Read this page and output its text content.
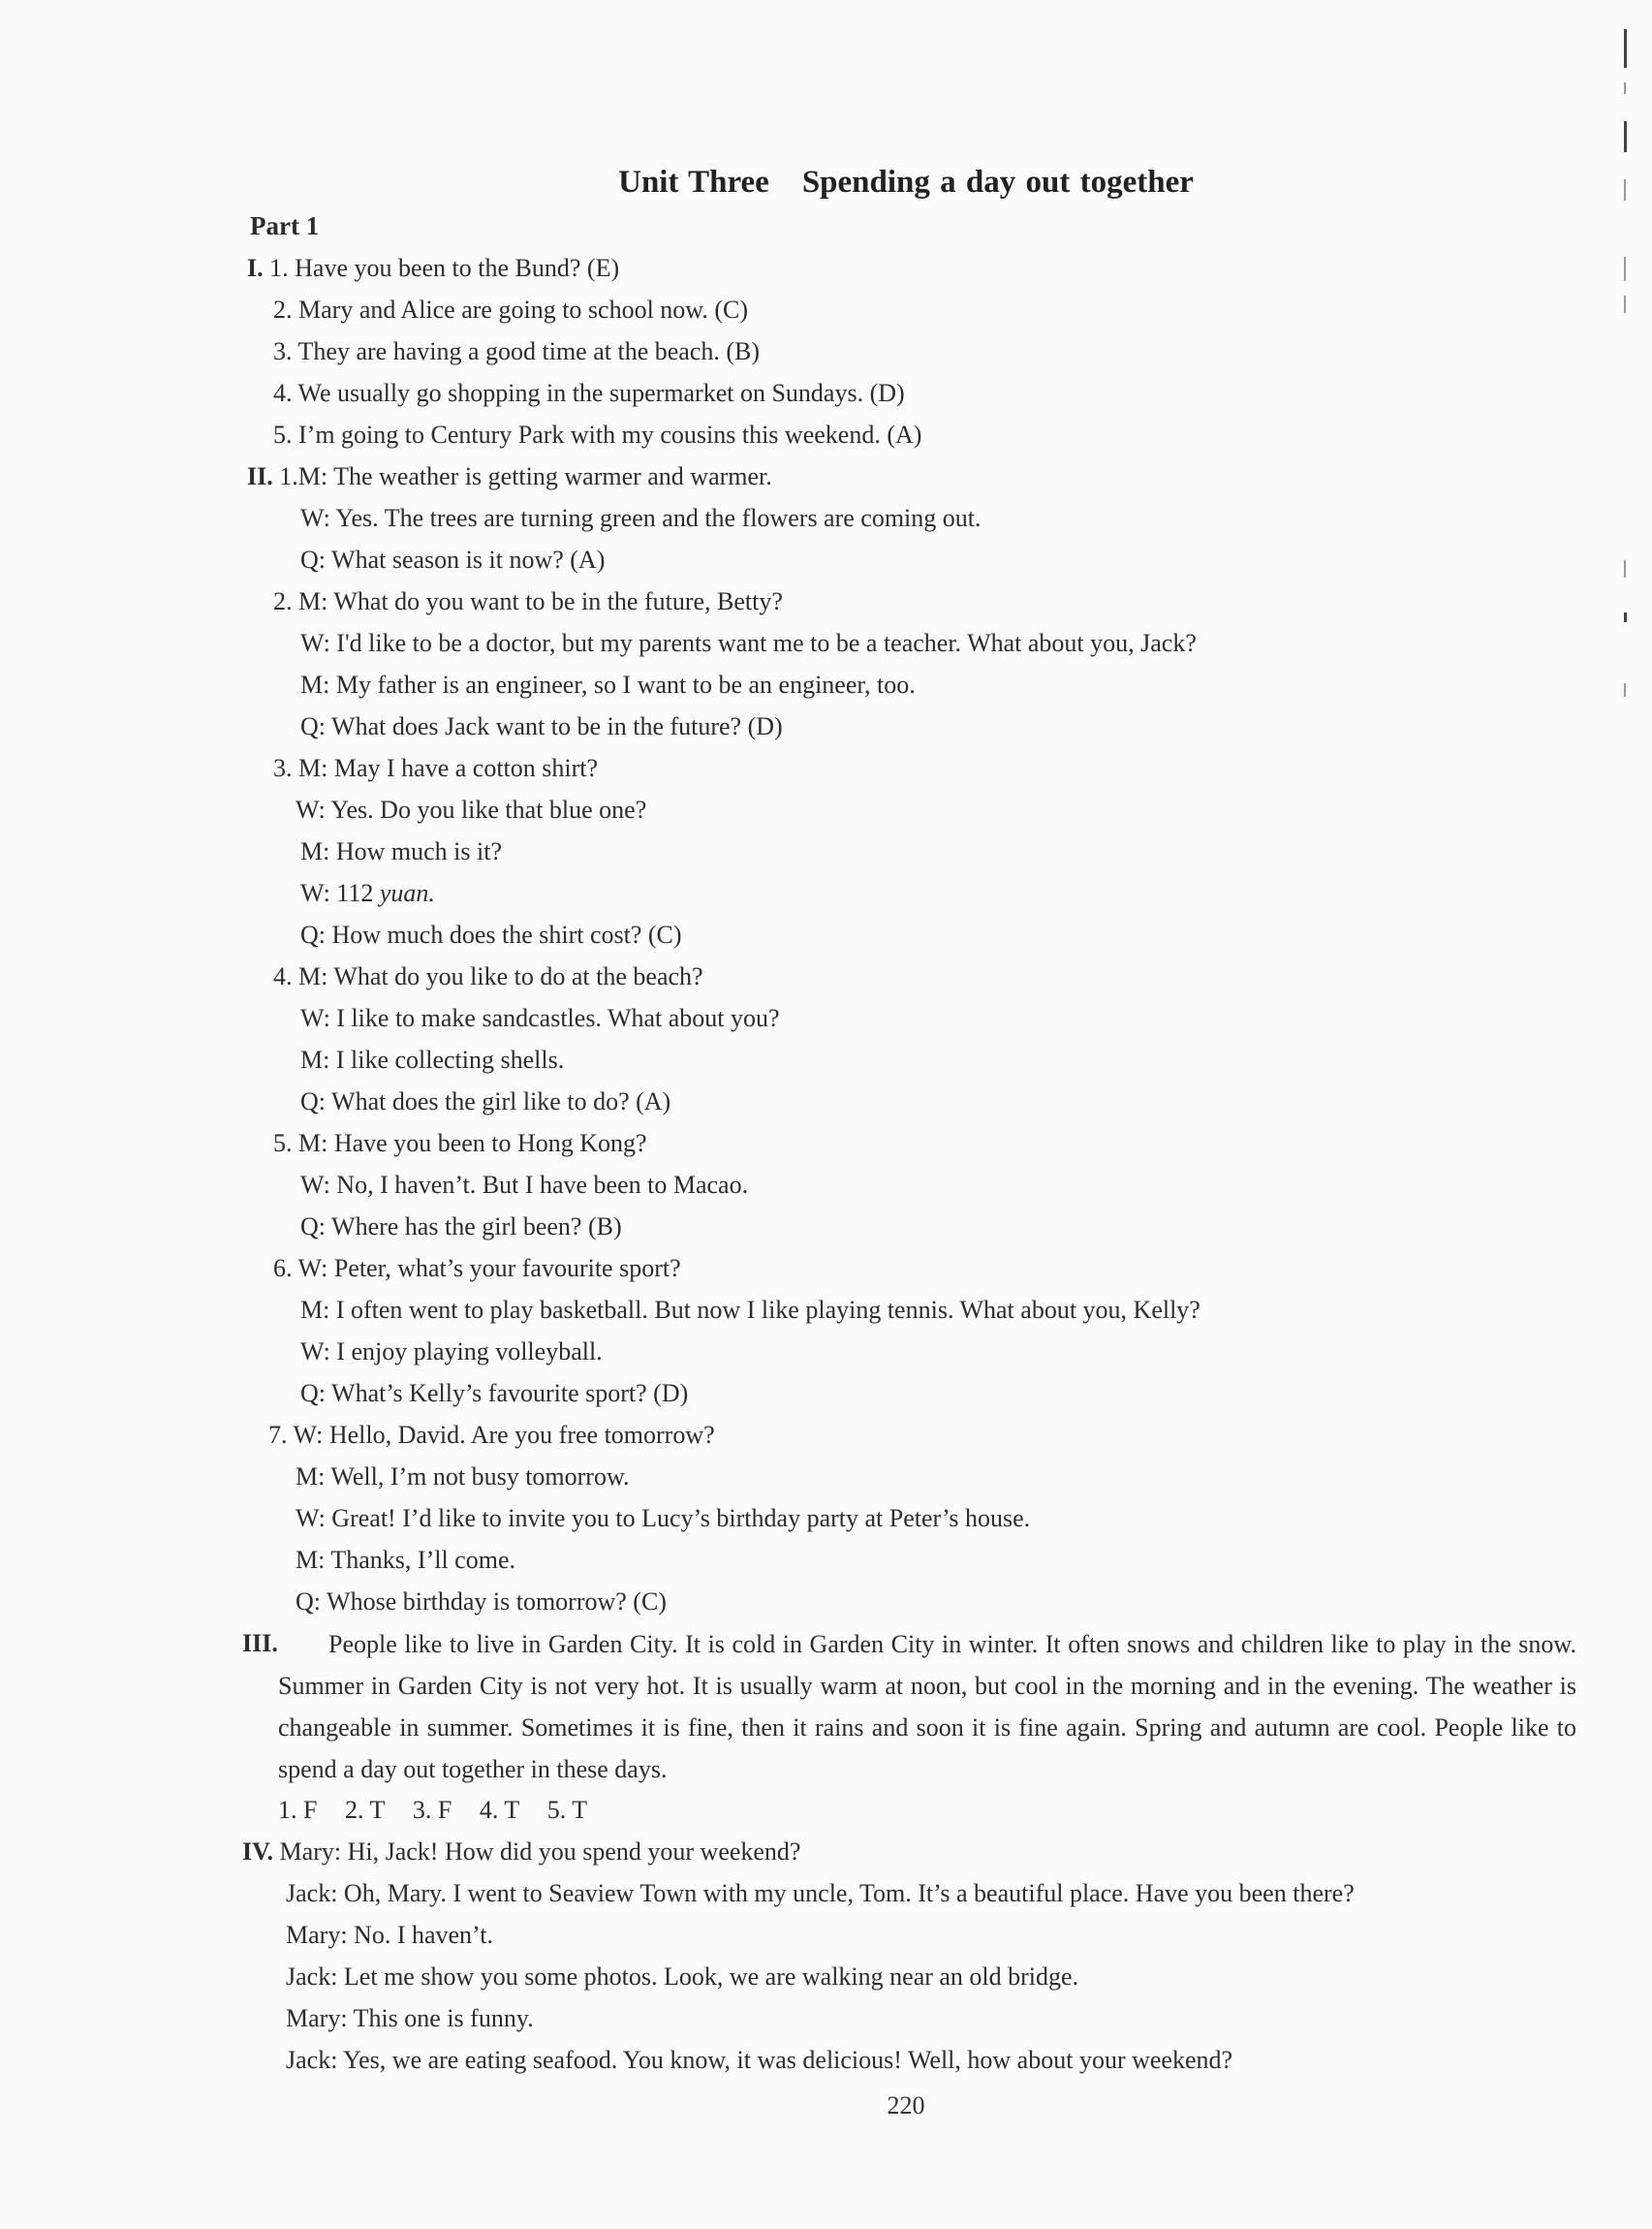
Unit Three Spending a day out together
Part 1
I. 1. Have you been to the Bund? (E)
2. Mary and Alice are going to school now. (C)
3. They are having a good time at the beach. (B)
4. We usually go shopping in the supermarket on Sundays. (D)
5. I’m going to Century Park with my cousins this weekend. (A)
II. 1.M: The weather is getting warmer and warmer.
W: Yes. The trees are turning green and the flowers are coming out.
Q: What season is it now? (A)
2. M: What do you want to be in the future, Betty?
W: I'd like to be a doctor, but my parents want me to be a teacher. What about you, Jack?
M: My father is an engineer, so I want to be an engineer, too.
Q: What does Jack want to be in the future? (D)
3. M: May I have a cotton shirt?
W: Yes. Do you like that blue one?
M: How much is it?
W: 112 yuan.
Q: How much does the shirt cost? (C)
4. M: What do you like to do at the beach?
W: I like to make sandcastles. What about you?
M: I like collecting shells.
Q: What does the girl like to do? (A)
5. M: Have you been to Hong Kong?
W: No, I haven’t. But I have been to Macao.
Q: Where has the girl been? (B)
6. W: Peter, what’s your favourite sport?
M: I often went to play basketball. But now I like playing tennis. What about you, Kelly?
W: I enjoy playing volleyball.
Q: What’s Kelly’s favourite sport? (D)
7. W: Hello, David. Are you free tomorrow?
M: Well, I’m not busy tomorrow.
W: Great! I’d like to invite you to Lucy’s birthday party at Peter’s house.
M: Thanks, I’ll come.
Q: Whose birthday is tomorrow? (C)
III.	People like to live in Garden City. It is cold in Garden City in winter. It often snows and children like to play in the snow. Summer in Garden City is not very hot. It is usually warm at noon, but cool in the morning and in the evening. The weather is changeable in summer. Sometimes it is fine, then it rains and soon it is fine again. Spring and autumn are cool. People like to spend a day out together in these days.
1. F 2. T 3. F 4. T 5. T
IV. Mary: Hi, Jack! How did you spend your weekend?
Jack: Oh, Mary. I went to Seaview Town with my uncle, Tom. It’s a beautiful place. Have you been there?
Mary: No. I haven’t.
Jack: Let me show you some photos. Look, we are walking near an old bridge.
Mary: This one is funny.
Jack: Yes, we are eating seafood. You know, it was delicious! Well, how about your weekend?
220
